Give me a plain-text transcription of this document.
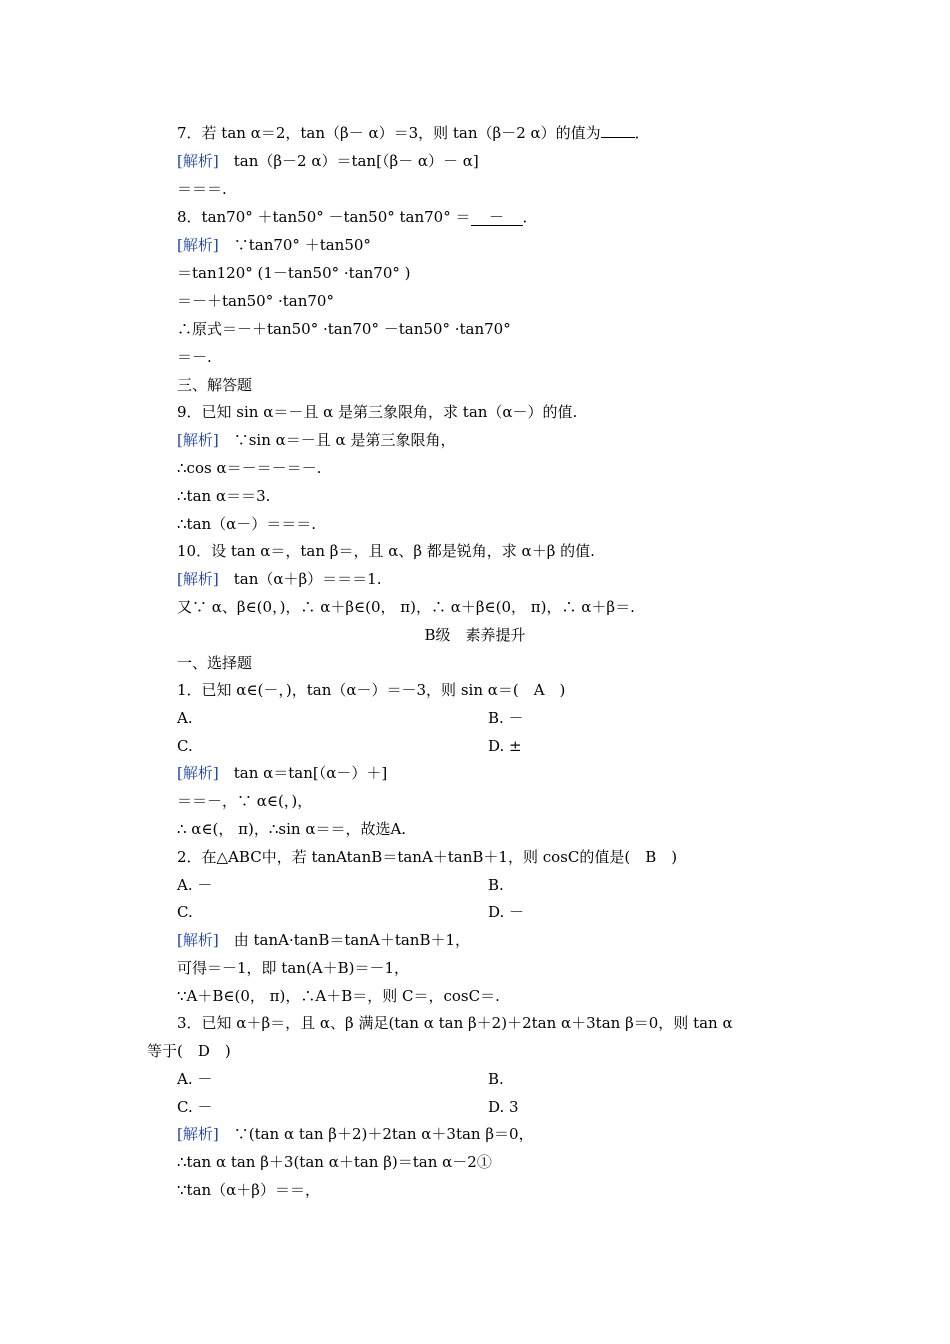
7．若 tan α＝2，tan（β－ α）＝3，则 tan（β－2 α）的值为 ．
[解析]　tan（β－2 α）＝tan[（β－ α）－ α]
＝＝＝.
8．tan70° ＋tan50° －tan50° tan70° ＝ － ．
[解析]　∵tan70° ＋tan50°
＝tan120° (1－tan50° ·tan70° )
＝－＋tan50° ·tan70°
∴原式＝－＋tan50° ·tan70° －tan50° ·tan70°
＝－.
三、解答题
9．已知 sin α＝－且 α 是第三象限角，求 tan（α－）的值.
[解析]　∵sin α＝－且 α 是第三象限角，
∴cos α＝－＝－＝－.
∴tan α＝＝3.
∴tan（α－）＝＝＝.
10．设 tan α＝，tan β＝，且 α、β 都是锐角，求 α＋β 的值.
[解析]　tan（α＋β）＝＝＝1.
又∵ α、β∈(0，)，∴ α＋β∈(0， π)，∴ α＋β∈(0， π)，∴ α＋β＝.
B级　素养提升
一、选择题
1．已知 α∈(－，)，tan（α－）＝－3，则 sin α＝(　A　)
A.	B. －
C.	D. ±
[解析]　tan α＝tan[（α－）＋]
＝＝－，∵ α∈(，)，
∴ α∈(， π)，∴sin α＝＝，故选A.
2．在△ABC中，若 tanAtanB＝tanA＋tanB＋1，则 cosC的值是(　B　)
A. －	B.
C.	D. －
[解析]　由 tanA·tanB＝tanA＋tanB＋1，
可得＝－1，即 tan(A＋B)＝－1，
∵A＋B∈(0， π)，∴A＋B＝，则 C＝，cosC＝.
3．已知 α＋β＝，且 α、β 满足(tan α tan β＋2)＋2tan α＋3tan β＝0，则 tan α
等于(　D　)
A. －	B.
C. －	D. 3
[解析]　∵(tan α tan β＋2)＋2tan α＋3tan β＝0，
∴tan α tan β＋3(tan α＋tan β)＝tan α－2①
∵tan（α＋β）＝＝，
